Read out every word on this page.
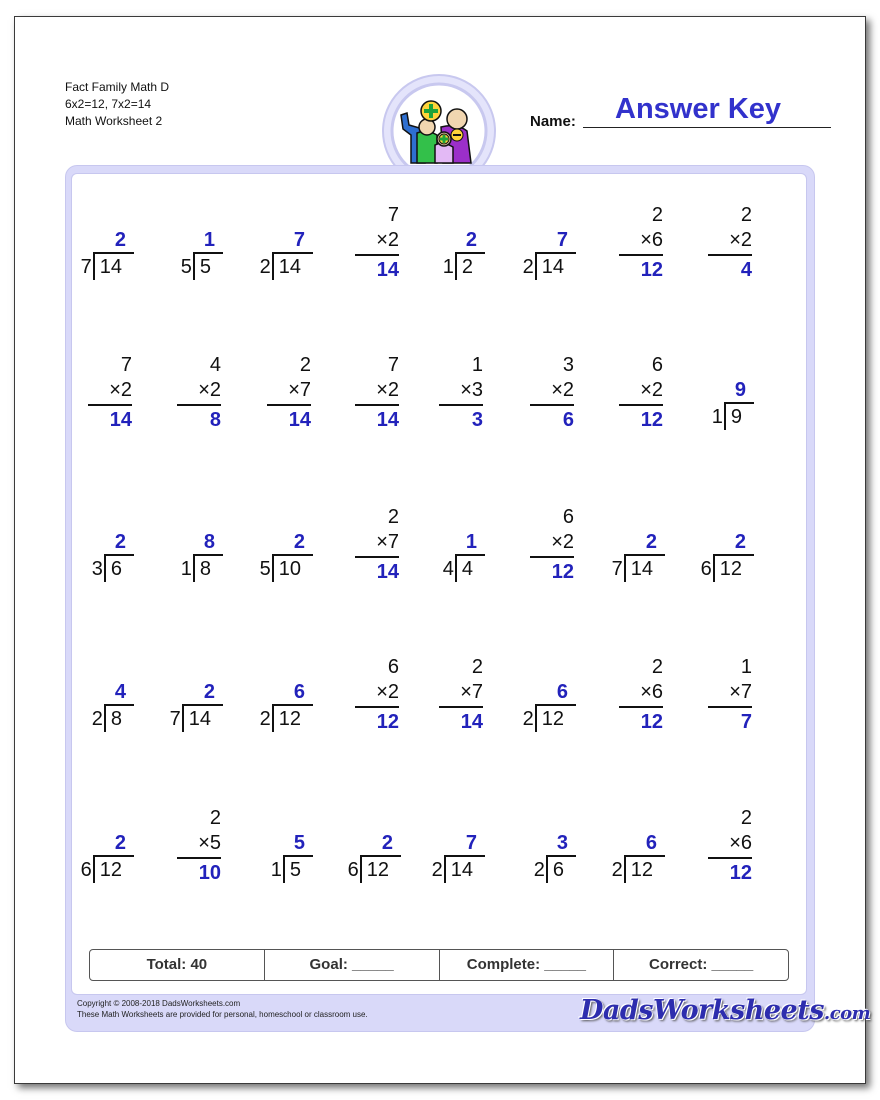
Fact Family Math D
6x2=12, 7x2=14
Math Worksheet 2	Name: Answer Key
2
7 14
1
5 5
7
2 14
7
×2
14
2
1 2
7
2 14
2
×6
12
2
×2
4
7
×2
14
4
×2
8
2
×7
14
7
×2
14
1
×3
3
3
×2
6
6
×2
12
9
1 9
2
3 6
8
1 8
2
5 10
2
×7
14
1
4 4
6
×2
12
2
7 14
2
6 12
4
2 8
2
7 14
6
2 12
6
×2
12
2
×7
14
6
2 12
2
×6
12
1
×7
7
2
6 12
2
×5
10
5
1 5
2
6 12
7
2 14
3
2 6
6
2 12
2
×6
12
Total: 40	Goal: _____	Complete: _____	Correct: _____
Copyright © 2008-2018 DadsWorksheets.com
These Math Worksheets are provided for personal, homeschool or classroom use.	DadsWorksheets.com
